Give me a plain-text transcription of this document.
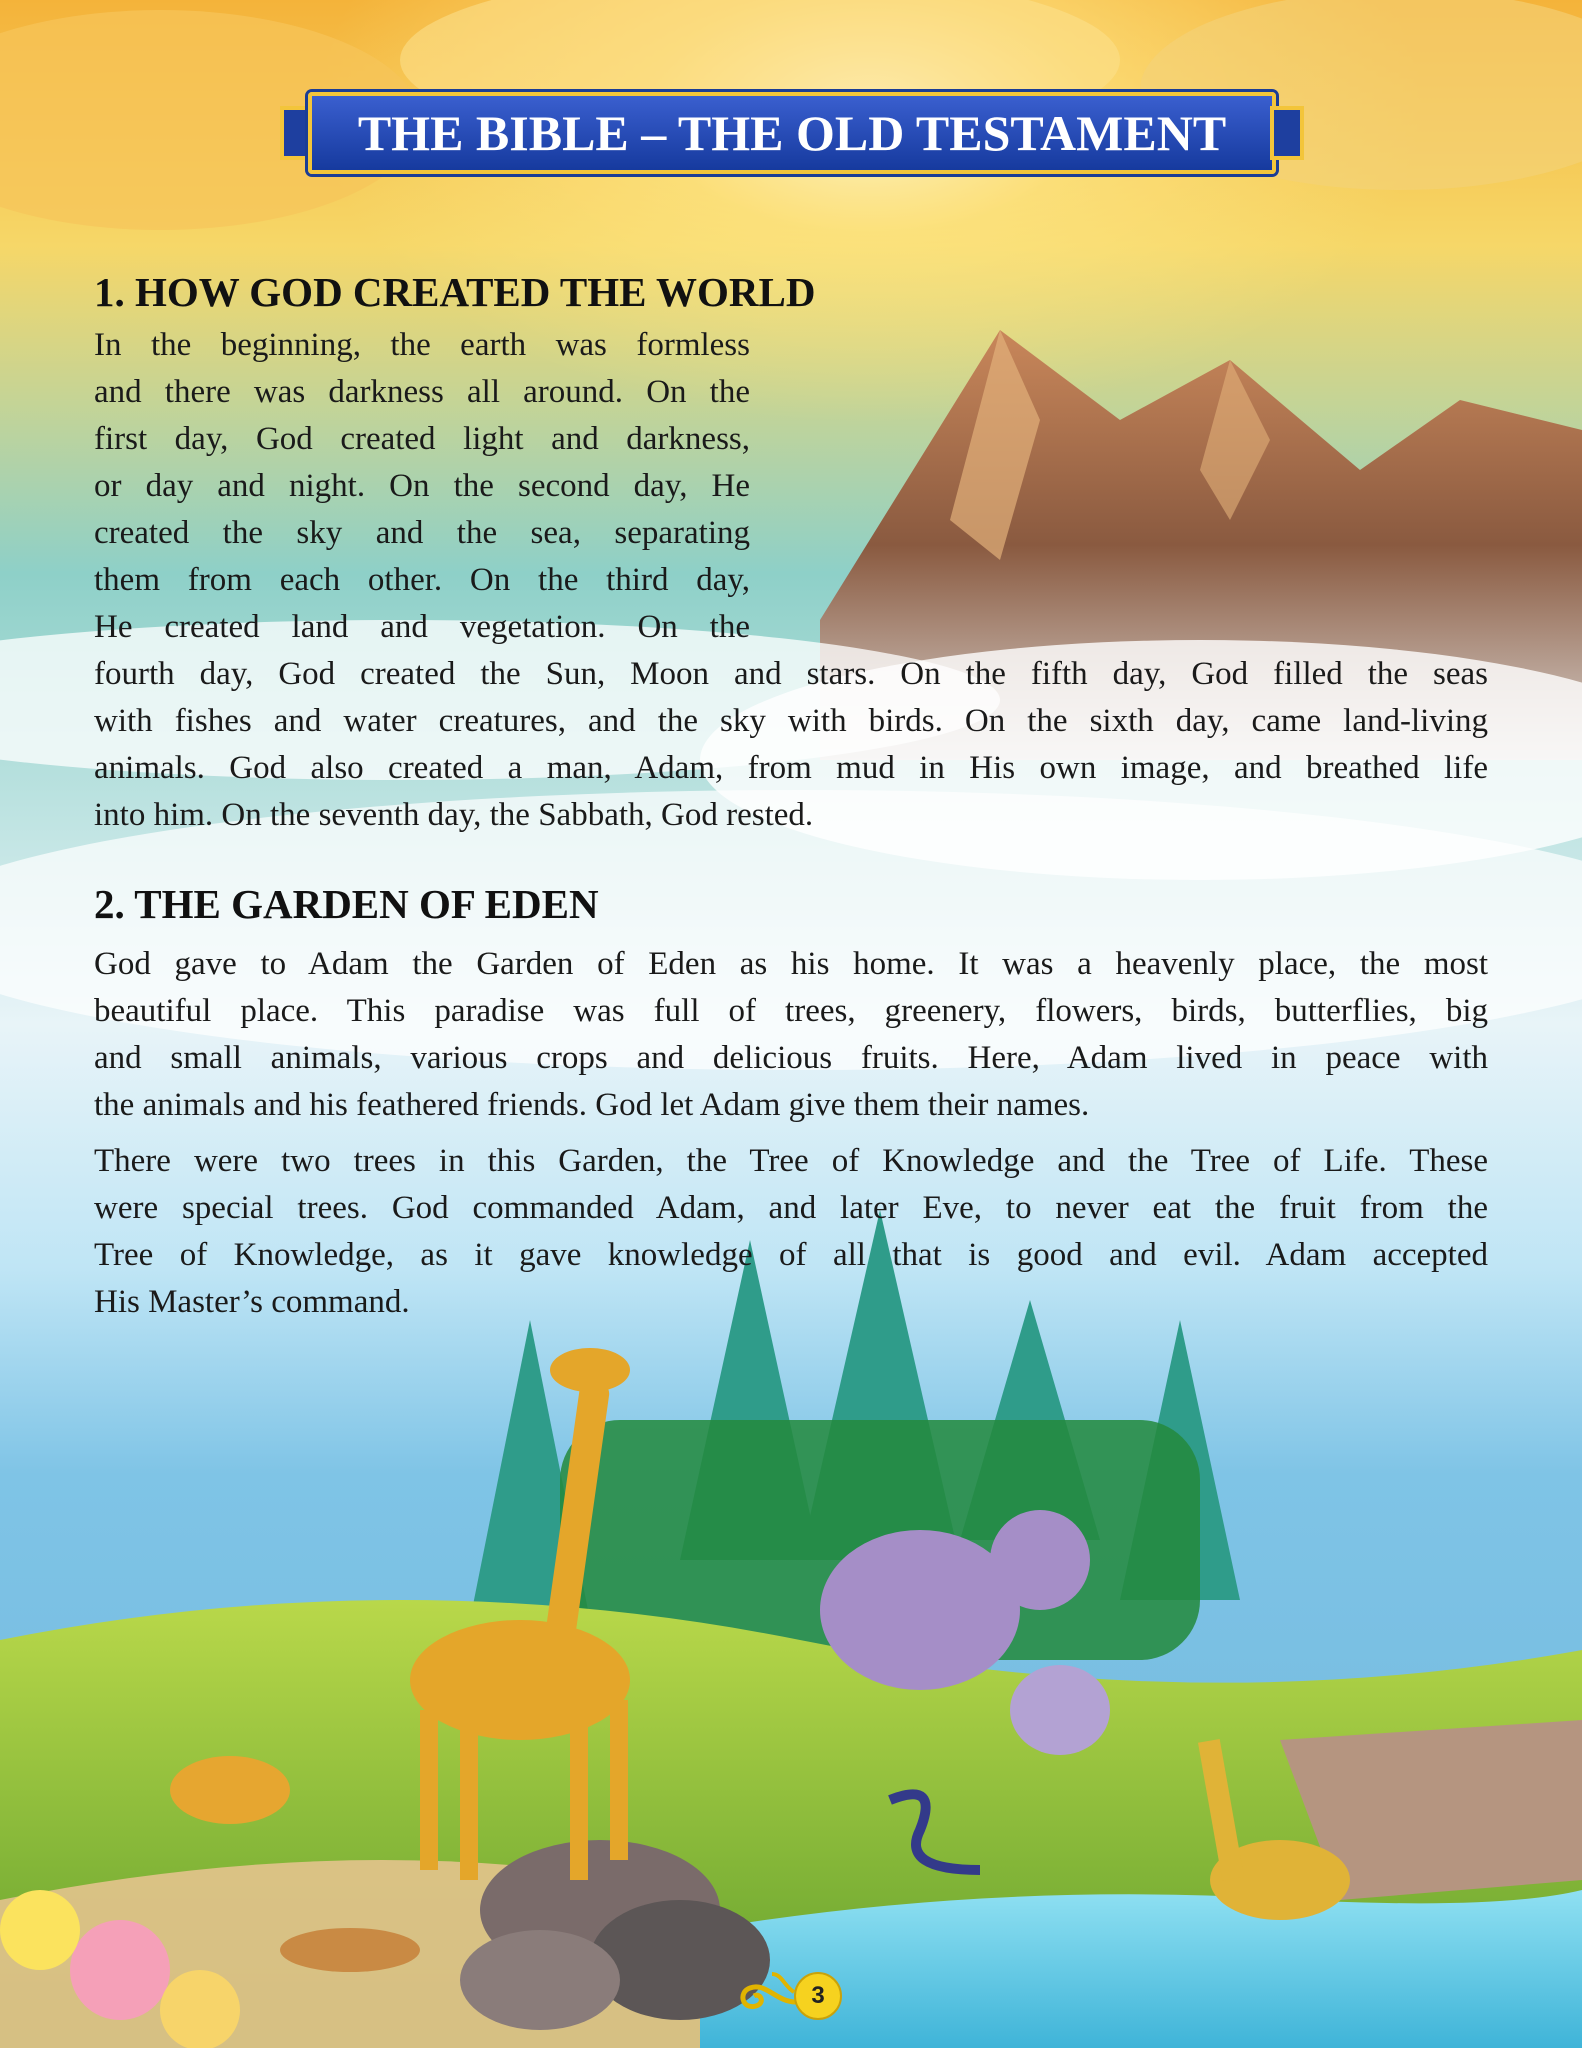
THE BIBLE – THE OLD TESTAMENT
1. HOW GOD CREATED THE WORLD
In the beginning, the earth was formless
and there was darkness all around. On the
first day, God created light and darkness,
or day and night. On the second day, He
created the sky and the sea, separating
them from each other. On the third day,
He created land and vegetation. On the
fourth day, God created the Sun, Moon and stars. On the fifth day, God filled the seas
with fishes and water creatures, and the sky with birds. On the sixth day, came land-living
animals. God also created a man, Adam, from mud in His own image, and breathed life
into him. On the seventh day, the Sabbath, God rested.
2. THE GARDEN OF EDEN
God gave to Adam the Garden of Eden as his home. It was a heavenly place, the most
beautiful place. This paradise was full of trees, greenery, flowers, birds, butterflies, big
and small animals, various crops and delicious fruits. Here, Adam lived in peace with
the animals and his feathered friends. God let Adam give them their names.
There were two trees in this Garden, the Tree of Knowledge and the Tree of Life. These
were special trees. God commanded Adam, and later Eve, to never eat the fruit from the
Tree of Knowledge, as it gave knowledge of all that is good and evil. Adam accepted
His Master’s command.
3
